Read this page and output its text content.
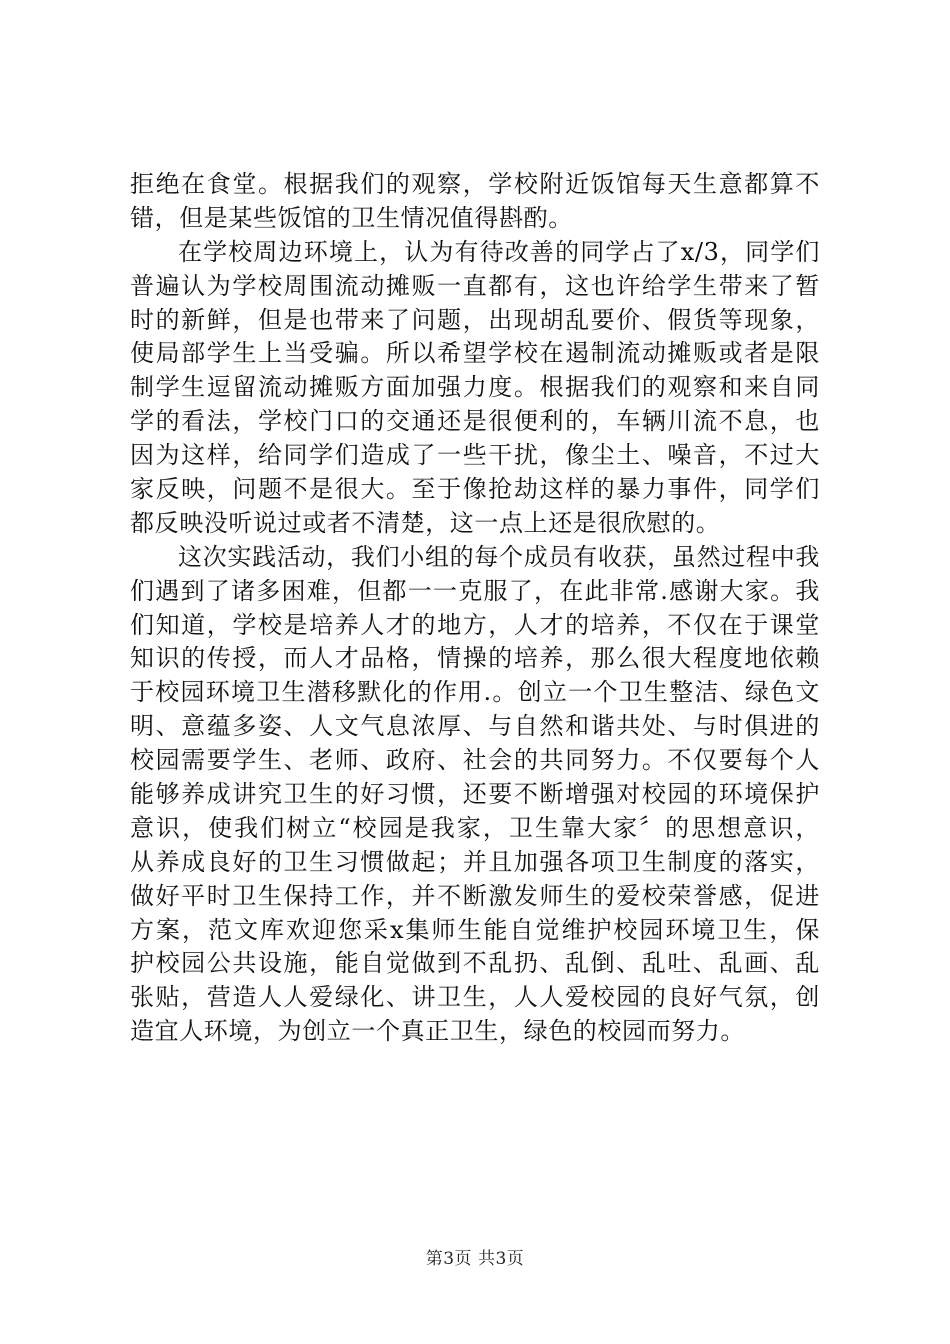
拒绝在食堂。根据我们的观察，学校附近饭馆每天生意都算不
错，但是某些饭馆的卫生情况值得斟酌。
在学校周边环境上，认为有待改善的同学占了x/3，同学们
普遍认为学校周围流动摊贩一直都有，这也许给学生带来了暂
时的新鲜，但是也带来了问题，出现胡乱要价、假货等现象，
使局部学生上当受骗。所以希望学校在遏制流动摊贩或者是限
制学生逗留流动摊贩方面加强力度。根据我们的观察和来自同
学的看法，学校门口的交通还是很便利的，车辆川流不息，也
因为这样，给同学们造成了一些干扰，像尘土、噪音，不过大
家反映，问题不是很大。至于像抢劫这样的暴力事件，同学们
都反映没听说过或者不清楚，这一点上还是很欣慰的。
这次实践活动，我们小组的每个成员有收获，虽然过程中我
们遇到了诸多困难，但都一一克服了，在此非常.感谢大家。我
们知道，学校是培养人才的地方，人才的培养，不仅在于课堂
知识的传授，而人才品格，情操的培养，那么很大程度地依赖
于校园环境卫生潜移默化的作用.。创立一个卫生整洁、绿色文
明、意蕴多姿、人文气息浓厚、与自然和谐共处、与时俱进的
校园需要学生、老师、政府、社会的共同努力。不仅要每个人
能够养成讲究卫生的好习惯，还要不断增强对校园的环境保护
意识，使我们树立“校园是我家，卫生靠大家〞的思想意识，
从养成良好的卫生习惯做起；并且加强各项卫生制度的落实，
做好平时卫生保持工作，并不断激发师生的爱校荣誉感，促进
方案，范文库欢迎您采x集师生能自觉维护校园环境卫生，保
护校园公共设施，能自觉做到不乱扔、乱倒、乱吐、乱画、乱
张贴，营造人人爱绿化、讲卫生，人人爱校园的良好气氛，创
造宜人环境，为创立一个真正卫生，绿色的校园而努力。
第3页 共3页
